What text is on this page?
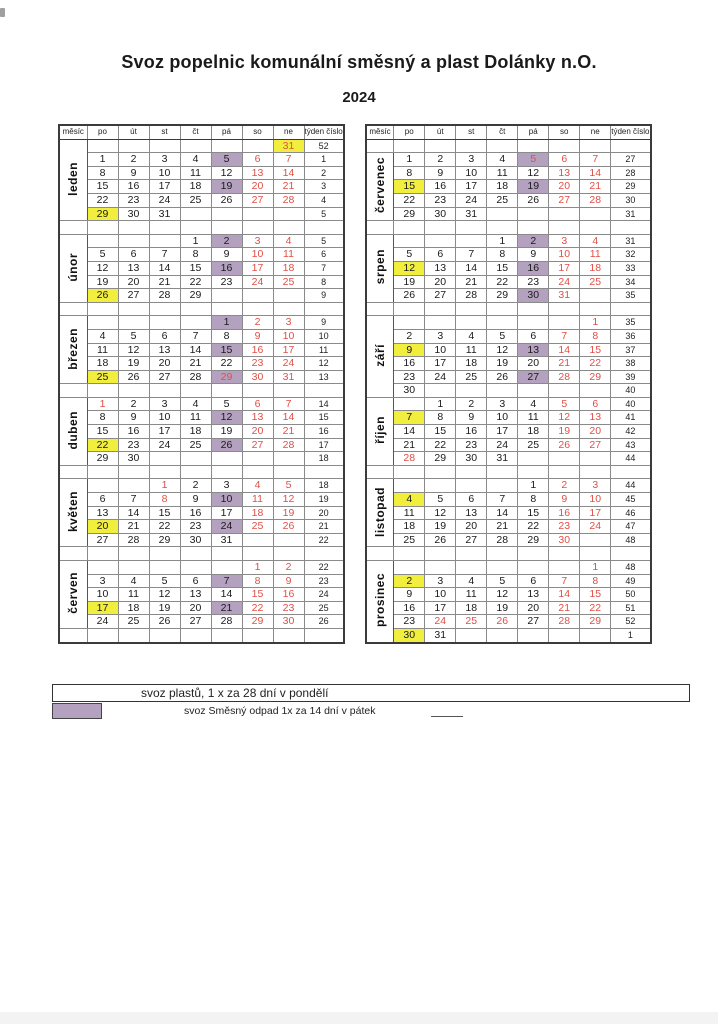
Svoz popelnic komunální směsný a plast Dolánky n.O.

2024

měsíc	po	út	st	čt	pá	so	ne	týden číslo
leden							31	52
	1	2	3	4	5	6	7	1
	8	9	10	11	12	13	14	2
	15	16	17	18	19	20	21	3
	22	23	24	25	26	27	28	4
	29	30	31					5

únor				1	2	3	4	5
	5	6	7	8	9	10	11	6
	12	13	14	15	16	17	18	7
	19	20	21	22	23	24	25	8
	26	27	28	29				9

březen					1	2	3	9
	4	5	6	7	8	9	10	10
	11	12	13	14	15	16	17	11
	18	19	20	21	22	23	24	12
	25	26	27	28	29	30	31	13

duben	1	2	3	4	5	6	7	14
	8	9	10	11	12	13	14	15
	15	16	17	18	19	20	21	16
	22	23	24	25	26	27	28	17
	29	30						18

květen			1	2	3	4	5	18
	6	7	8	9	10	11	12	19
	13	14	15	16	17	18	19	20
	20	21	22	23	24	25	26	21
	27	28	29	30	31			22

červen						1	2	22
	3	4	5	6	7	8	9	23
	10	11	12	13	14	15	16	24
	17	18	19	20	21	22	23	25
	24	25	26	27	28	29	30	26

měsíc	po	út	st	čt	pá	so	ne	týden číslo

červenec	1	2	3	4	5	6	7	27
	8	9	10	11	12	13	14	28
	15	16	17	18	19	20	21	29
	22	23	24	25	26	27	28	30
	29	30	31					31

srpen				1	2	3	4	31
	5	6	7	8	9	10	11	32
	12	13	14	15	16	17	18	33
	19	20	21	22	23	24	25	34
	26	27	28	29	30	31		35

září							1	35
	2	3	4	5	6	7	8	36
	9	10	11	12	13	14	15	37
	16	17	18	19	20	21	22	38
	23	24	25	26	27	28	29	39
	30							40
říjen		1	2	3	4	5	6	40
	7	8	9	10	11	12	13	41
	14	15	16	17	18	19	20	42
	21	22	23	24	25	26	27	43
	28	29	30	31				44

listopad					1	2	3	44
	4	5	6	7	8	9	10	45
	11	12	13	14	15	16	17	46
	18	19	20	21	22	23	24	47
	25	26	27	28	29	30		48

prosinec							1	48
	2	3	4	5	6	7	8	49
	9	10	11	12	13	14	15	50
	16	17	18	19	20	21	22	51
	23	24	25	26	27	28	29	52
	30	31						1
svoz plastů, 1 x za 28 dní v pondělí
svoz Směsný odpad 1x za 14 dní v pátek
